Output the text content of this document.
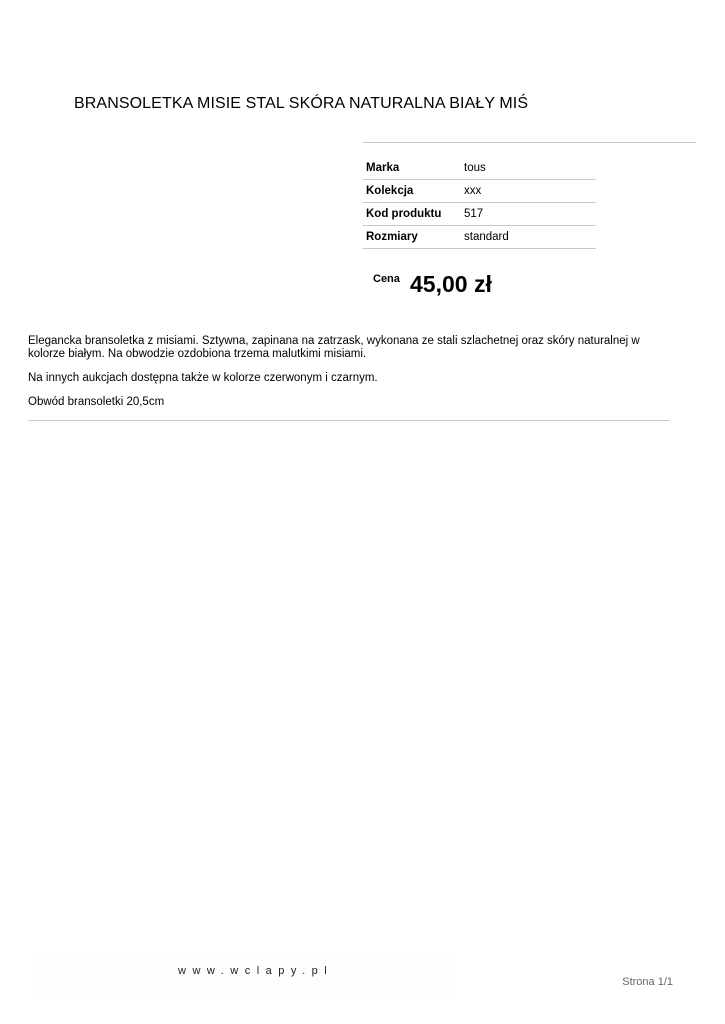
BRANSOLETKA MISIE STAL SKÓRA NATURALNA BIAŁY MIŚ
Marka	tous
Kolekcja	xxx
Kod produktu	517
Rozmiary	standard
Cena 45,00 zł

Elegancka bransoletka z misiami. Sztywna, zapinana na zatrzask, wykonana ze stali szlachetnej oraz skóry naturalnej w kolorze białym. Na obwodzie ozdobiona trzema malutkimi misiami.

Na innych aukcjach dostępna także w kolorze czerwonym i czarnym.

Obwód bransoletki 20,5cm

www.wclapy.pl
Strona 1/1
